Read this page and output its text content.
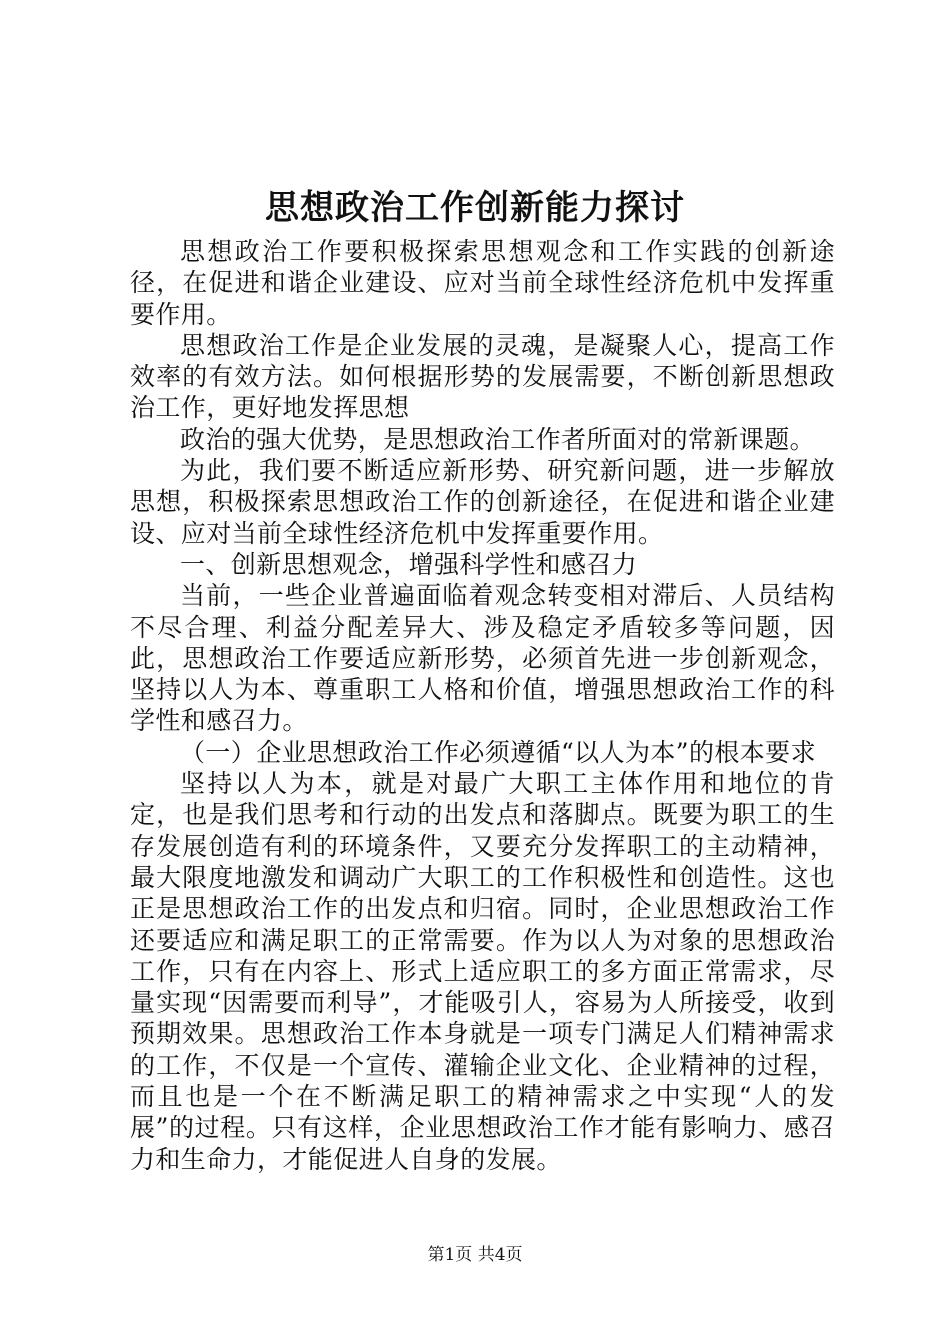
思想政治工作创新能力探讨

思想政治工作要积极探索思想观念和工作实践的创新途径，在促进和谐企业建设、应对当前全球性经济危机中发挥重要作用。

思想政治工作是企业发展的灵魂，是凝聚人心，提高工作效率的有效方法。如何根据形势的发展需要，不断创新思想政治工作，更好地发挥思想

政治的强大优势，是思想政治工作者所面对的常新课题。

为此，我们要不断适应新形势、研究新问题，进一步解放思想，积极探索思想政治工作的创新途径，在促进和谐企业建设、应对当前全球性经济危机中发挥重要作用。

一、创新思想观念，增强科学性和感召力

当前，一些企业普遍面临着观念转变相对滞后、人员结构不尽合理、利益分配差异大、涉及稳定矛盾较多等问题，因此，思想政治工作要适应新形势，必须首先进一步创新观念，坚持以人为本、尊重职工人格和价值，增强思想政治工作的科学性和感召力。

（一）企业思想政治工作必须遵循“以人为本”的根本要求

坚持以人为本，就是对最广大职工主体作用和地位的肯定，也是我们思考和行动的出发点和落脚点。既要为职工的生存发展创造有利的环境条件，又要充分发挥职工的主动精神，最大限度地激发和调动广大职工的工作积极性和创造性。这也正是思想政治工作的出发点和归宿。同时，企业思想政治工作还要适应和满足职工的正常需要。作为以人为对象的思想政治工作，只有在内容上、形式上适应职工的多方面正常需求，尽量实现“因需要而利导”，才能吸引人，容易为人所接受，收到预期效果。思想政治工作本身就是一项专门满足人们精神需求的工作，不仅是一个宣传、灌输企业文化、企业精神的过程，而且也是一个在不断满足职工的精神需求之中实现“人的发展”的过程。只有这样，企业思想政治工作才能有影响力、感召力和生命力，才能促进人自身的发展。

第1页 共4页
